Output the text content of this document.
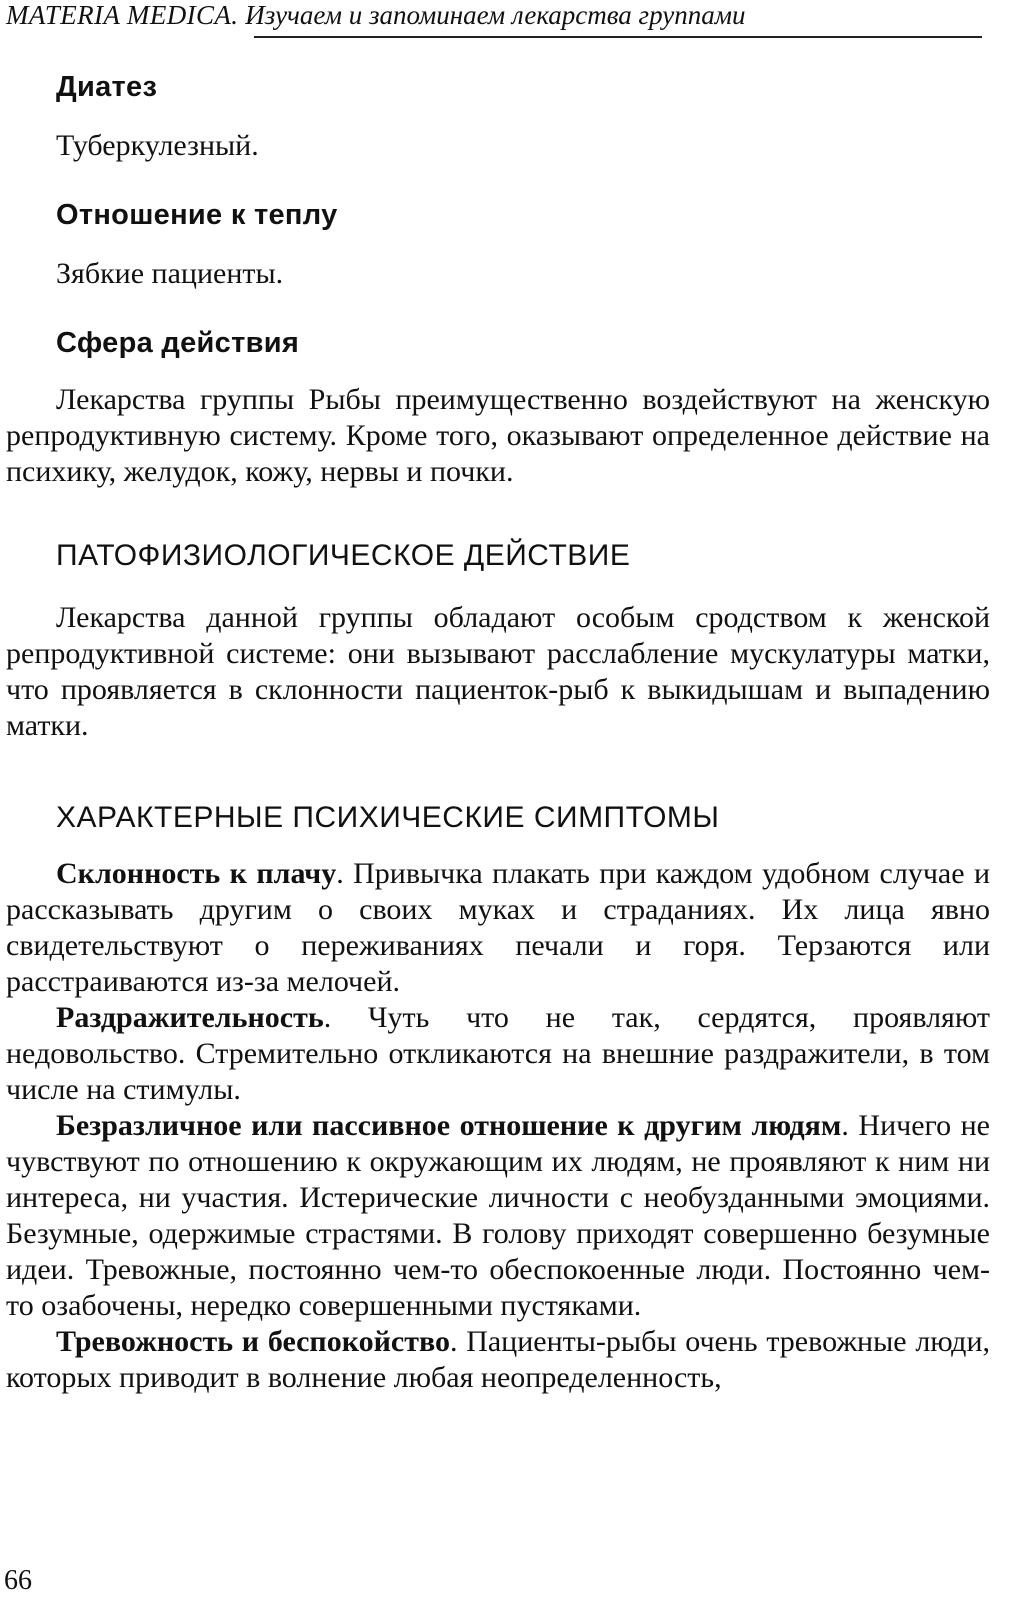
MATERIA MEDICA. Изучаем и запоминаем лекарства группами
Диатез
Туберкулезный.
Отношение к теплу
Зябкие пациенты.
Сфера действия

Лекарства группы Рыбы преимущественно воздействуют на женскую репродуктивную систему. Кроме того, оказывают определенное действие на психику, желудок, кожу, нервы и почки.

ПАТОФИЗИОЛОГИЧЕСКОЕ ДЕЙСТВИЕ

Лекарства данной группы обладают особым сродством к женской репродуктивной системе: они вызывают расслабление мускулатуры матки, что проявляется в склонности пациенток-рыб к выкидышам и выпадению матки.

ХАРАКТЕРНЫЕ ПСИХИЧЕСКИЕ СИМПТОМЫ

Склонность к плачу. Привычка плакать при каждом удобном случае и рассказывать другим о своих муках и страданиях. Их лица явно свидетельствуют о переживаниях печали и горя. Терзаются или расстраиваются из-за мелочей.

Раздражительность. Чуть что не так, сердятся, проявляют недовольство. Стремительно откликаются на внешние раздражители, в том числе на стимулы.

Безразличное или пассивное отношение к другим людям. Ничего не чувствуют по отношению к окружающим их людям, не проявляют к ним ни интереса, ни участия. Истерические личности с необузданными эмоциями. Безумные, одержимые страстями. В голову приходят совершенно безумные идеи. Тревожные, постоянно чем-то обеспокоенные люди. Постоянно чем-то озабочены, нередко совершенными пустяками.

Тревожность и беспокойство. Пациенты-рыбы очень тревожные люди, которых приводит в волнение любая неопределенность,

66
